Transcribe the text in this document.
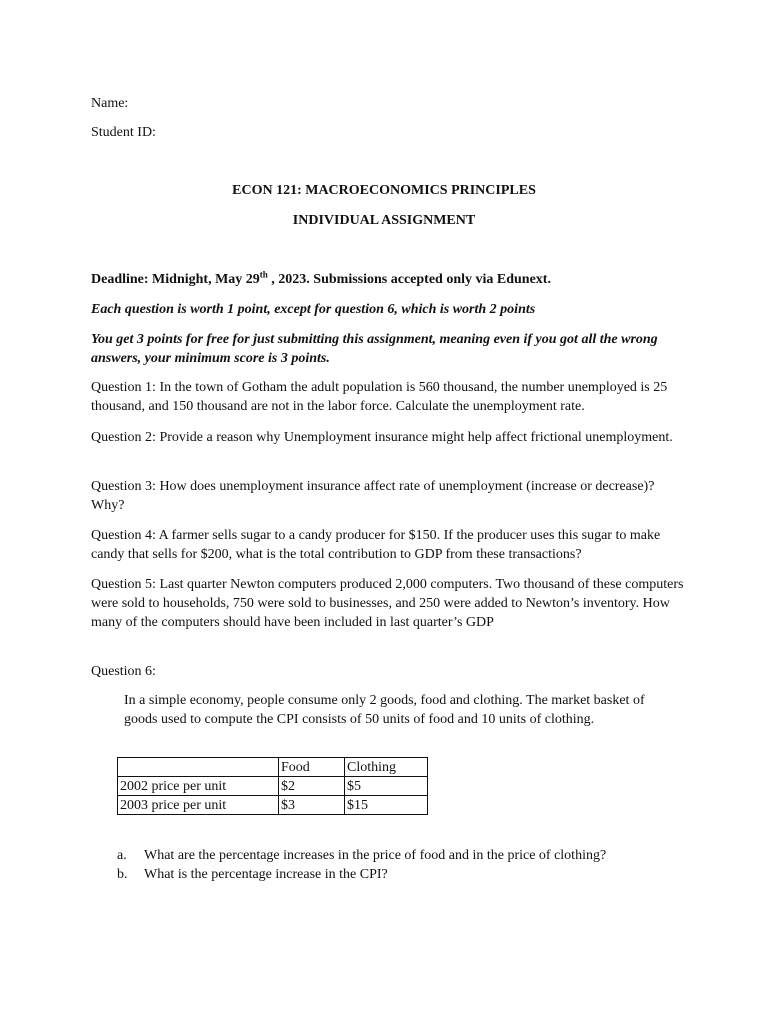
Name:
Student ID:
ECON 121: MACROECONOMICS PRINCIPLES
INDIVIDUAL ASSIGNMENT
Deadline: Midnight, May 29th , 2023. Submissions accepted only via Edunext.
Each question is worth 1 point, except for question 6, which is worth 2 points
You get 3 points for free for just submitting this assignment, meaning even if you got all the wrong answers, your minimum score is 3 points.
Question 1: In the town of Gotham the adult population is 560 thousand, the number unemployed is 25 thousand, and 150 thousand are not in the labor force. Calculate the unemployment rate.
Question 2: Provide a reason why Unemployment insurance might help affect frictional unemployment.
Question 3: How does unemployment insurance affect rate of unemployment (increase or decrease)? Why?
Question 4: A farmer sells sugar to a candy producer for $150. If the producer uses this sugar to make candy that sells for $200, what is the total contribution to GDP from these transactions?
Question 5: Last quarter Newton computers produced 2,000 computers. Two thousand of these computers were sold to households, 750 were sold to businesses, and 250 were added to Newton’s inventory. How many of the computers should have been included in last quarter’s GDP
Question 6:
In a simple economy, people consume only 2 goods, food and clothing. The market basket of goods used to compute the CPI consists of 50 units of food and 10 units of clothing.
	Food	Clothing
2002 price per unit	$2	$5
2003 price per unit	$3	$15
a. What are the percentage increases in the price of food and in the price of clothing?
b. What is the percentage increase in the CPI?
